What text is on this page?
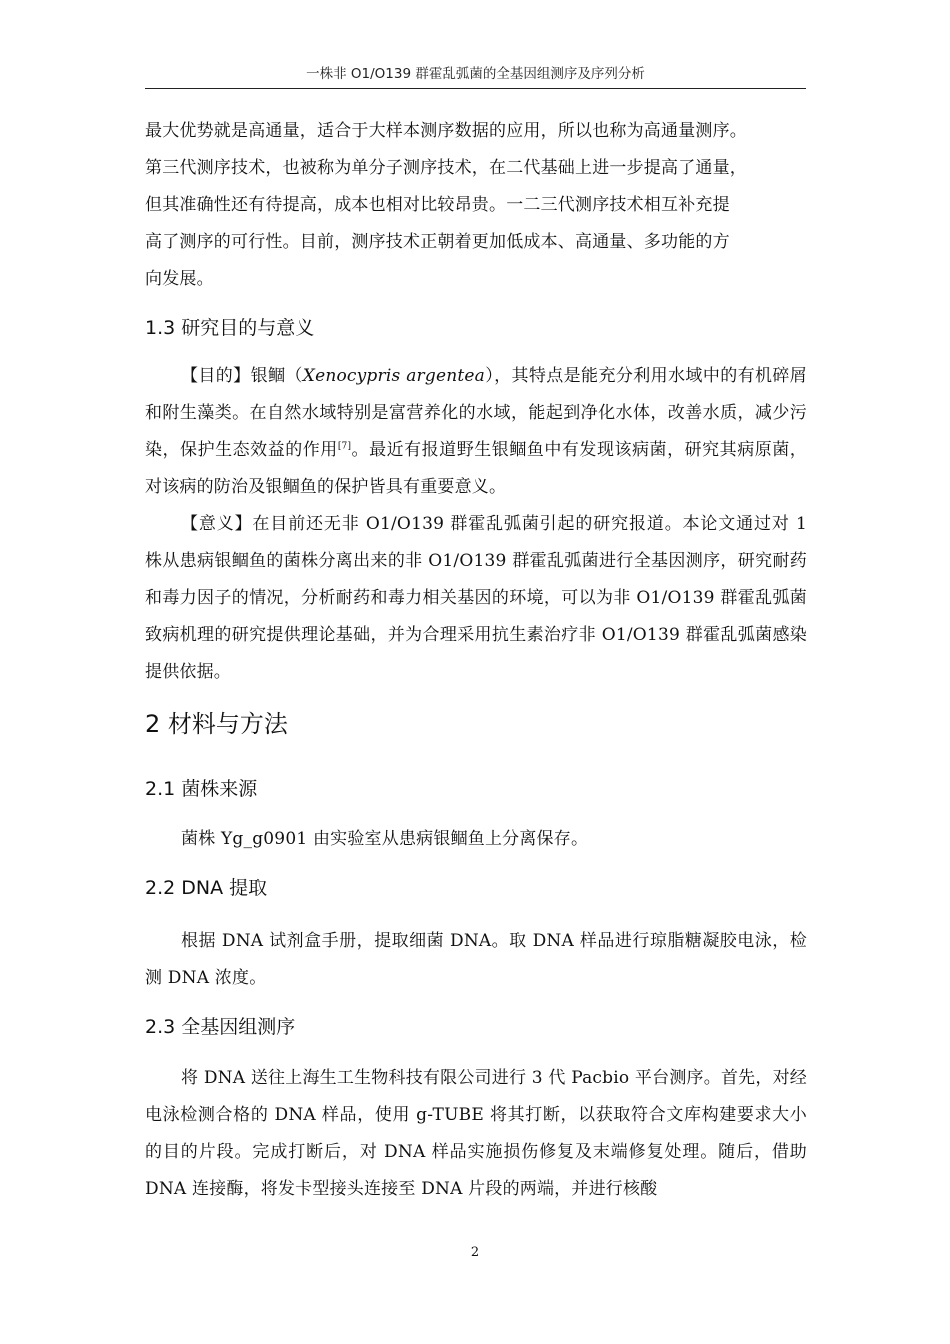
一株非 O1/O139 群霍乱弧菌的全基因组测序及序列分析

最大优势就是高通量，适合于大样本测序数据的应用，所以也称为高通量测序。

第三代测序技术，也被称为单分子测序技术，在二代基础上进一步提高了通量，

但其准确性还有待提高，成本也相对比较昂贵。一二三代测序技术相互补充提

高了测序的可行性。目前，测序技术正朝着更加低成本、高通量、多功能的方

向发展。

1.3 研究目的与意义

【目的】银鲴（Xenocypris argentea），其特点是能充分利用水域中的有机碎屑和附生藻类。在自然水域特别是富营养化的水域，能起到净化水体，改善水质，减少污染，保护生态效益的作用[7]。最近有报道野生银鲴鱼中有发现该病菌，研究其病原菌，对该病的防治及银鲴鱼的保护皆具有重要意义。

【意义】在目前还无非 O1/O139 群霍乱弧菌引起的研究报道。本论文通过对 1 株从患病银鲴鱼的菌株分离出来的非 O1/O139 群霍乱弧菌进行全基因测序，研究耐药和毒力因子的情况，分析耐药和毒力相关基因的环境，可以为非 O1/O139 群霍乱弧菌致病机理的研究提供理论基础，并为合理采用抗生素治疗非 O1/O139 群霍乱弧菌感染提供依据。

2 材料与方法
2.1 菌株来源

菌株 Yg_g0901 由实验室从患病银鲴鱼上分离保存。

2.2 DNA 提取

根据 DNA 试剂盒手册，提取细菌 DNA。取 DNA 样品进行琼脂糖凝胶电泳，检测 DNA 浓度。

2.3 全基因组测序

将 DNA 送往上海生工生物科技有限公司进行 3 代 Pacbio 平台测序。首先，对经电泳检测合格的 DNA 样品，使用 g-TUBE 将其打断，以获取符合文库构建要求大小的目的片段。完成打断后，对 DNA 样品实施损伤修复及末端修复处理。随后，借助 DNA 连接酶，将发卡型接头连接至 DNA 片段的两端，并进行核酸

2
